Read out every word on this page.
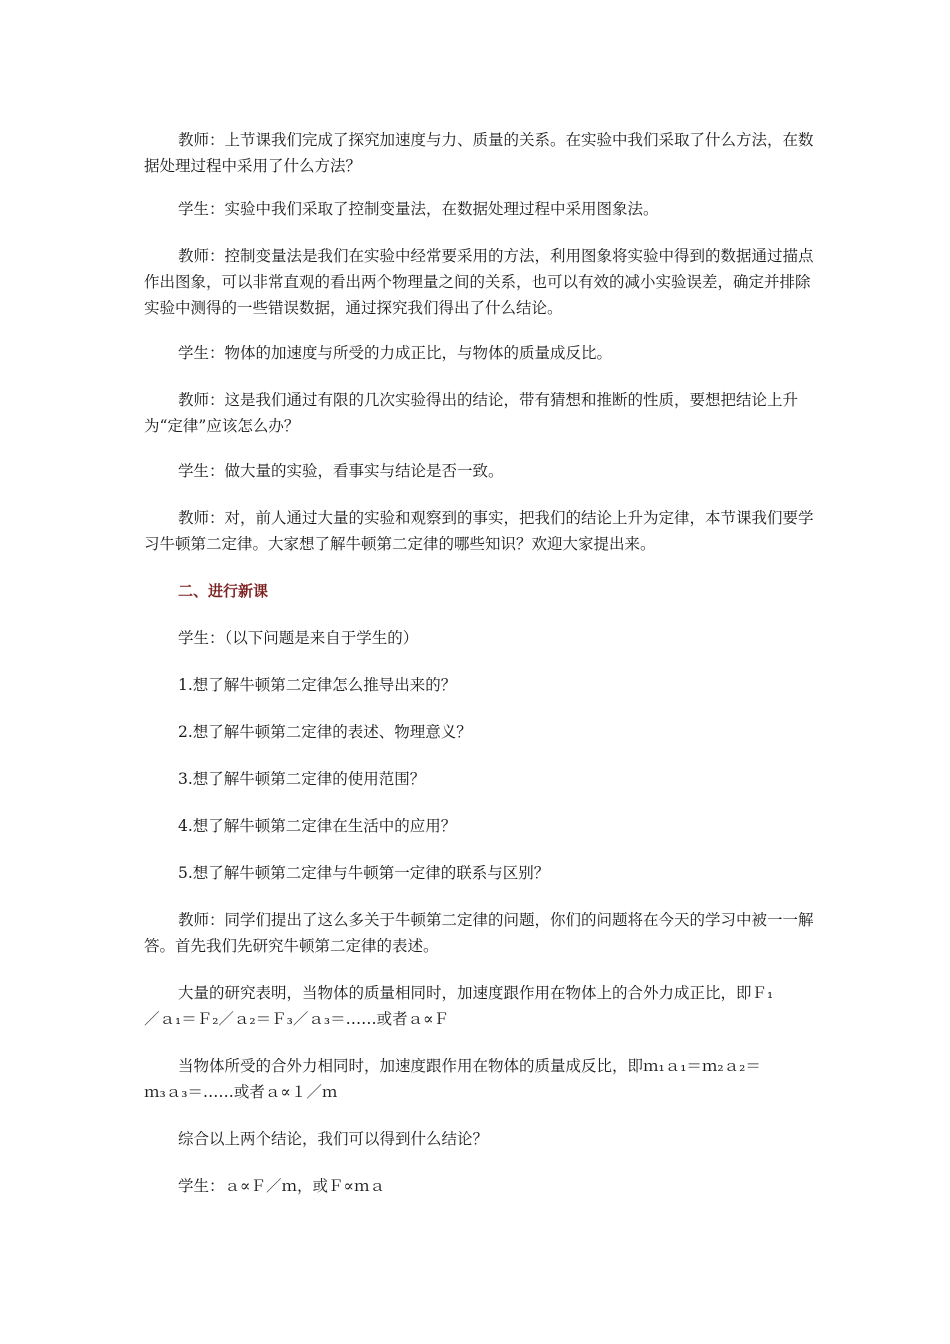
教师：上节课我们完成了探究加速度与力、质量的关系。在实验中我们采取了什么方法，在数据处理过程中采用了什么方法？

学生：实验中我们采取了控制变量法，在数据处理过程中采用图象法。

教师：控制变量法是我们在实验中经常要采用的方法，利用图象将实验中得到的数据通过描点作出图象，可以非常直观的看出两个物理量之间的关系，也可以有效的减小实验误差，确定并排除实验中测得的一些错误数据，通过探究我们得出了什么结论。

学生：物体的加速度与所受的力成正比，与物体的质量成反比。

教师：这是我们通过有限的几次实验得出的结论，带有猜想和推断的性质，要想把结论上升为“定律”应该怎么办？

学生：做大量的实验，看事实与结论是否一致。

教师：对，前人通过大量的实验和观察到的事实，把我们的结论上升为定律，本节课我们要学习牛顿第二定律。大家想了解牛顿第二定律的哪些知识？欢迎大家提出来。

二、进行新课

学生：（以下问题是来自于学生的）

1.想了解牛顿第二定律怎么推导出来的？

2.想了解牛顿第二定律的表述、物理意义？

3.想了解牛顿第二定律的使用范围？

4.想了解牛顿第二定律在生活中的应用？

5.想了解牛顿第二定律与牛顿第一定律的联系与区别？

教师：同学们提出了这么多关于牛顿第二定律的问题，你们的问题将在今天的学习中被一一解答。首先我们先研究牛顿第二定律的表述。

大量的研究表明，当物体的质量相同时，加速度跟作用在物体上的合外力成正比，即Ｆ₁

／ａ₁＝Ｆ₂／ａ₂＝Ｆ₃／ａ₃＝……或者ａ∝Ｆ

当物体所受的合外力相同时，加速度跟作用在物体的质量成反比，即ｍ₁ａ₁＝ｍ₂ａ₂＝

ｍ₃ａ₃＝……或者ａ∝１／ｍ

综合以上两个结论，我们可以得到什么结论？

学生：ａ∝Ｆ／ｍ，或Ｆ∝ｍａ
